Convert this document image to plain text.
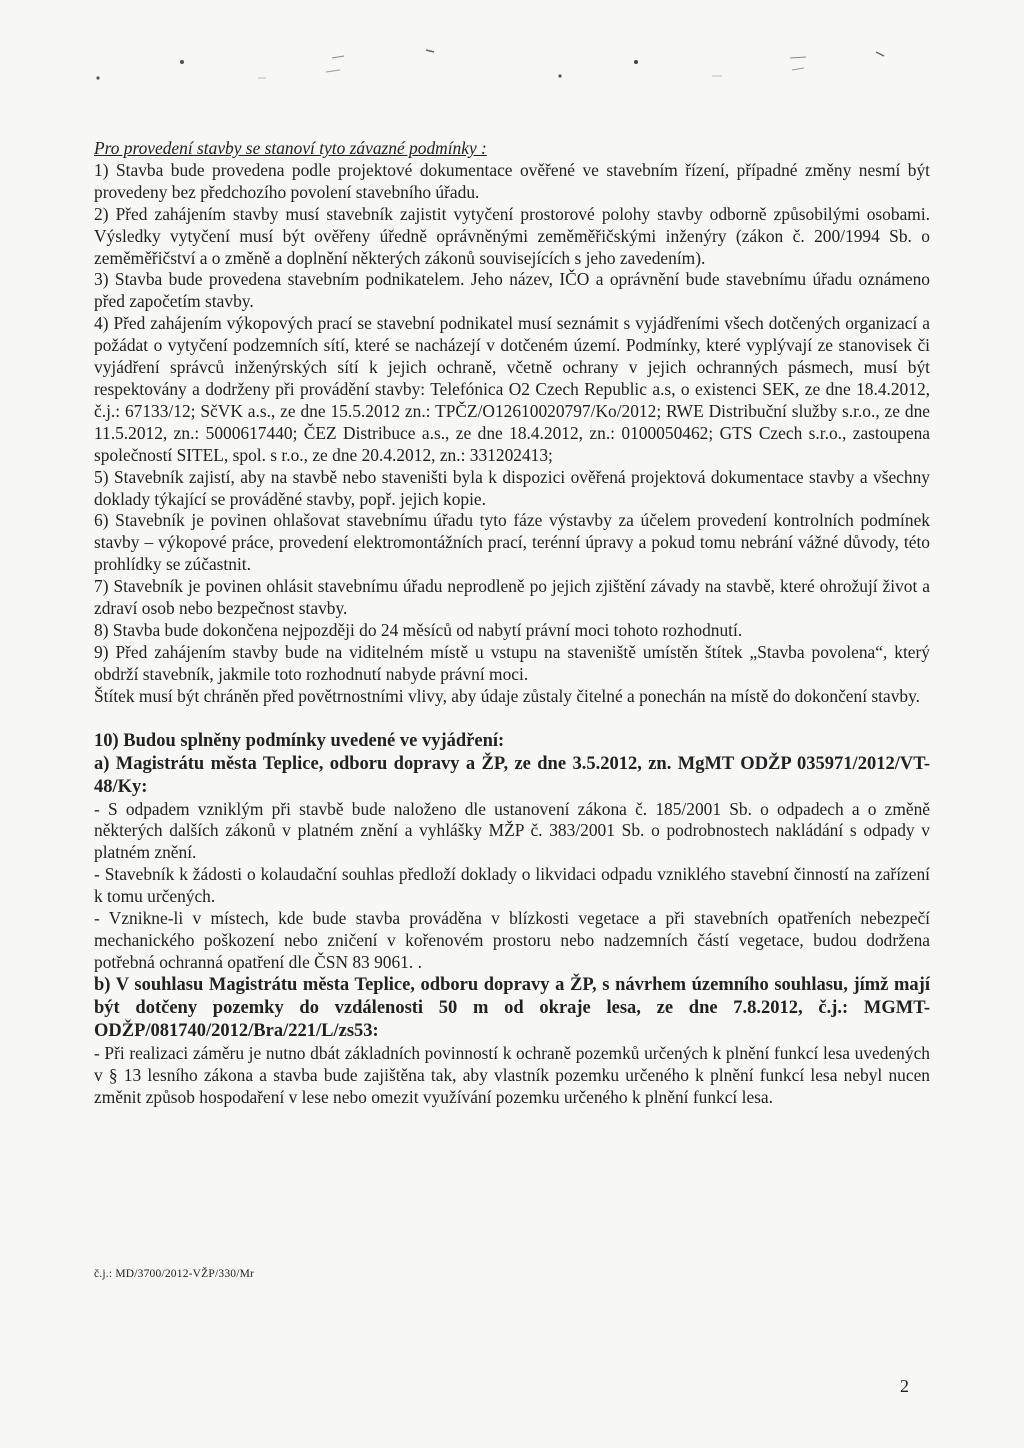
Pro provedení stavby se stanoví tyto závazné podmínky :

1) Stavba bude provedena podle projektové dokumentace ověřené ve stavebním řízení, případné změny nesmí být provedeny bez předchozího povolení stavebního úřadu.

2) Před zahájením stavby musí stavebník zajistit vytyčení prostorové polohy stavby odborně způsobilými osobami. Výsledky vytyčení musí být ověřeny úředně oprávněnými zeměměřičskými inženýry (zákon č. 200/1994 Sb. o zeměměřičství a o změně a doplnění některých zákonů souvisejících s jeho zavedením).

3) Stavba bude provedena stavebním podnikatelem. Jeho název, IČO a oprávnění bude stavebnímu úřadu oznámeno před započetím stavby.

4) Před zahájením výkopových prací se stavební podnikatel musí seznámit s vyjádřeními všech dotčených organizací a požádat o vytyčení podzemních sítí, které se nacházejí v dotčeném území. Podmínky, které vyplývají ze stanovisek či vyjádření správců inženýrských sítí k jejich ochraně, včetně ochrany v jejich ochranných pásmech, musí být respektovány a dodrženy při provádění stavby: Telefónica O2 Czech Republic a.s, o existenci SEK, ze dne 18.4.2012, č.j.: 67133/12; SčVK a.s., ze dne 15.5.2012 zn.: TPČZ/O12610020797/Ko/2012; RWE Distribuční služby s.r.o., ze dne 11.5.2012, zn.: 5000617440; ČEZ Distribuce a.s., ze dne 18.4.2012, zn.: 0100050462; GTS Czech s.r.o., zastoupena společností SITEL, spol. s r.o., ze dne 20.4.2012, zn.: 331202413;

5) Stavebník zajistí, aby na stavbě nebo staveništi byla k dispozici ověřená projektová dokumentace stavby a všechny doklady týkající se prováděné stavby, popř. jejich kopie.

6) Stavebník je povinen ohlašovat stavebnímu úřadu tyto fáze výstavby za účelem provedení kontrolních podmínek stavby – výkopové práce, provedení elektromontážních prací, terénní úpravy a pokud tomu nebrání vážné důvody, této prohlídky se zúčastnit.

7) Stavebník je povinen ohlásit stavebnímu úřadu neprodleně po jejich zjištění závady na stavbě, které ohrožují život a zdraví osob nebo bezpečnost stavby.

8) Stavba bude dokončena nejpozději do 24 měsíců od nabytí právní moci tohoto rozhodnutí.

9) Před zahájením stavby bude na viditelném místě u vstupu na staveniště umístěn štítek „Stavba povolena“, který obdrží stavebník, jakmile toto rozhodnutí nabyde právní moci.

Štítek musí být chráněn před povětrnostními vlivy, aby údaje zůstaly čitelné a ponechán na místě do dokončení stavby.

10) Budou splněny podmínky uvedené ve vyjádření:

a) Magistrátu města Teplice, odboru dopravy a ŽP, ze dne 3.5.2012, zn. MgMT ODŽP 035971/2012/VT-48/Ky:

- S odpadem vzniklým při stavbě bude naloženo dle ustanovení zákona č. 185/2001 Sb. o odpadech a o změně některých dalších zákonů v platném znění a vyhlášky MŽP č. 383/2001 Sb. o podrobnostech nakládání s odpady v platném znění.

- Stavebník k žádosti o kolaudační souhlas předloží doklady o likvidaci odpadu vzniklého stavební činností na zařízení k tomu určených.

- Vznikne-li v místech, kde bude stavba prováděna v blízkosti vegetace a při stavebních opatřeních nebezpečí mechanického poškození nebo zničení v kořenovém prostoru nebo nadzemních částí vegetace, budou dodržena potřebná ochranná opatření dle ČSN 83 9061. .

b) V souhlasu Magistrátu města Teplice, odboru dopravy a ŽP, s návrhem územního souhlasu, jímž mají být dotčeny pozemky do vzdálenosti 50 m od okraje lesa, ze dne 7.8.2012, č.j.: MGMT-ODŽP/081740/2012/Bra/221/L/zs53:

- Při realizaci záměru je nutno dbát základních povinností k ochraně pozemků určených k plnění funkcí lesa uvedených v § 13 lesního zákona a stavba bude zajištěna tak, aby vlastník pozemku určeného k plnění funkcí lesa nebyl nucen změnit způsob hospodaření v lese nebo omezit využívání pozemku určeného k plnění funkcí lesa.

č.j.: MD/3700/2012-VŽP/330/Mr
2
